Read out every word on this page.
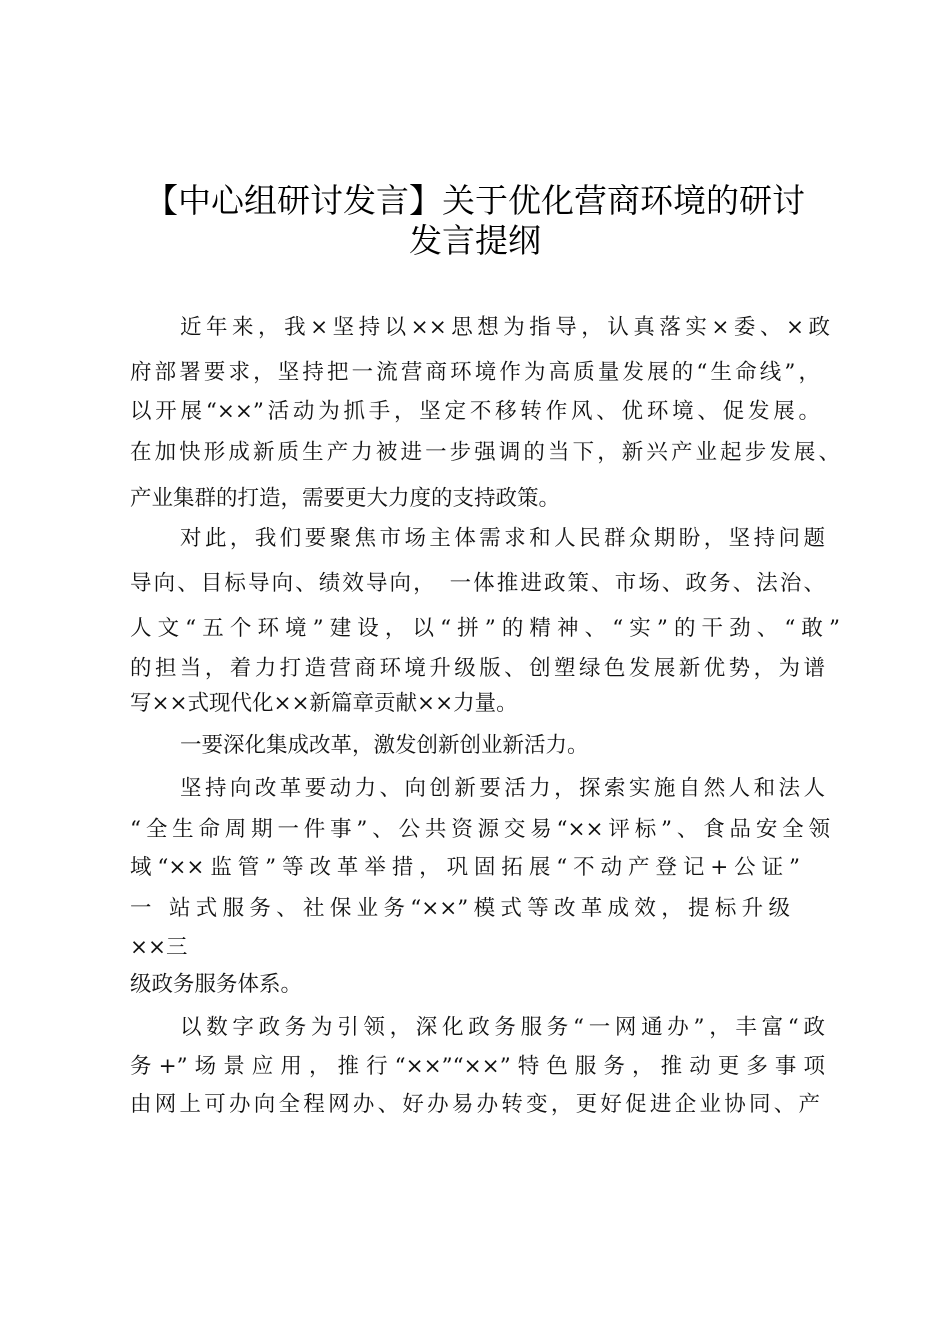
【中心组研讨发言】关于优化营商环境的研讨
发言提纲
近年来，我×坚持以××思想为指导，认真落实×委、×政
府部署要求，坚持把一流营商环境作为高质量发展的“生命线”，
以开展“××”活动为抓手，坚定不移转作风、优环境、促发展。
在加快形成新质生产力被进一步强调的当下，新兴产业起步发展、
产业集群的打造，需要更大力度的支持政策。
对此，我们要聚焦市场主体需求和人民群众期盼，坚持问题
导向、目标导向、绩效导向，　一体推进政策、市场、政务、法治、
人文“五个环境”建设，以“拼”的精神、“实”的干劲、“敢”
的担当，着力打造营商环境升级版、创塑绿色发展新优势，为谱
写××式现代化××新篇章贡献××力量。
一要深化集成改革，激发创新创业新活力。
坚持向改革要动力、向创新要活力，探索实施自然人和法人
“全生命周期一件事”、公共资源交易“××评标”、食品安全领
域“××监管”等改革举措，巩固拓展“不动产登记+公证”
一 站式服务、社保业务“××”模式等改革成效，提标升级
××三
级政务服务体系。
以数字政务为引领，深化政务服务“一网通办”，丰富“政
务+”场景应用，推行“××”“××”特色服务，推动更多事项
由网上可办向全程网办、好办易办转变，更好促进企业协同、产
